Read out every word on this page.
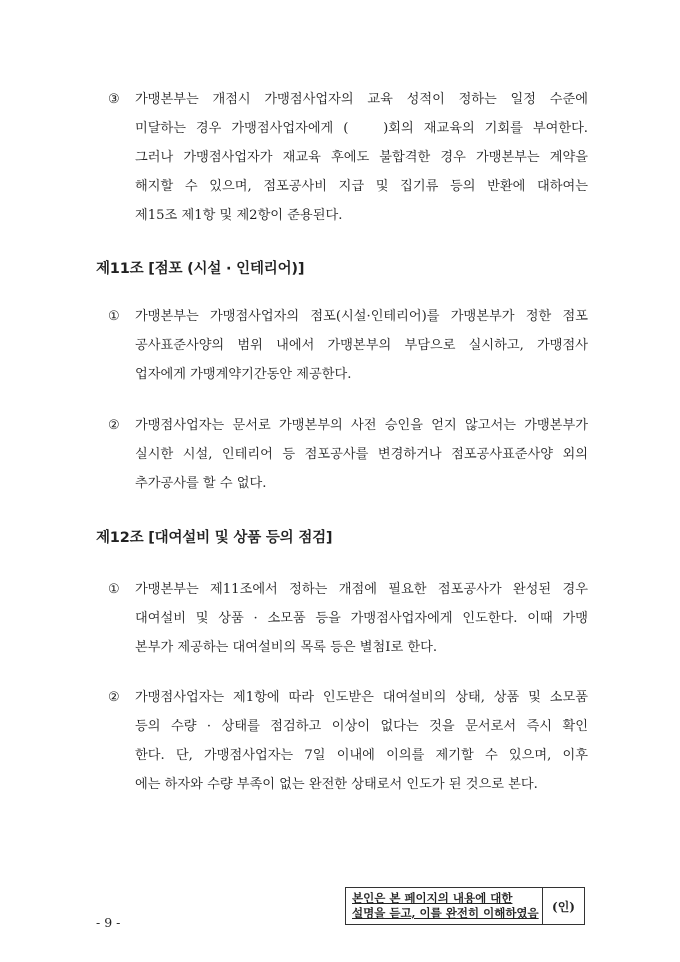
③	가맹본부는 개점시 가맹점사업자의 교육 성적이 정하는 일정 수준에
미달하는 경우 가맹점사업자에게 (　 )회의 재교육의 기회를 부여한다.
그러나 가맹점사업자가 재교육 후에도 불합격한 경우 가맹본부는 계약을
해지할 수 있으며, 점포공사비 지급 및 집기류 등의 반환에 대하여는
제15조 제1항 및 제2항이 준용된다.
제11조 [점포 (시설 · 인테리어)]
①	가맹본부는 가맹점사업자의 점포(시설·인테리어)를 가맹본부가 정한 점포
공사표준사양의 범위 내에서 가맹본부의 부담으로 실시하고, 가맹점사
업자에게 가맹계약기간동안 제공한다.
②	가맹점사업자는 문서로 가맹본부의 사전 승인을 얻지 않고서는 가맹본부가
실시한 시설, 인테리어 등 점포공사를 변경하거나 점포공사표준사양 외의
추가공사를 할 수 없다.
제12조 [대여설비 및 상품 등의 점검]
①	가맹본부는 제11조에서 정하는 개점에 필요한 점포공사가 완성된 경우
대여설비 및 상품 · 소모품 등을 가맹점사업자에게 인도한다. 이때 가맹
본부가 제공하는 대여설비의 목록 등은 별첨Ⅰ로 한다.
②	가맹점사업자는 제1항에 따라 인도받은 대여설비의 상태, 상품 및 소모품
등의 수량 · 상태를 점검하고 이상이 없다는 것을 문서로서 즉시 확인
한다. 단, 가맹점사업자는 7일 이내에 이의를 제기할 수 있으며, 이후
에는 하자와 수량 부족이 없는 완전한 상태로서 인도가 된 것으로 본다.
본인은 본 페이지의 내용에 대한
설명을 듣고, 이를 완전히 이해하였음	(인)
- 9 -
